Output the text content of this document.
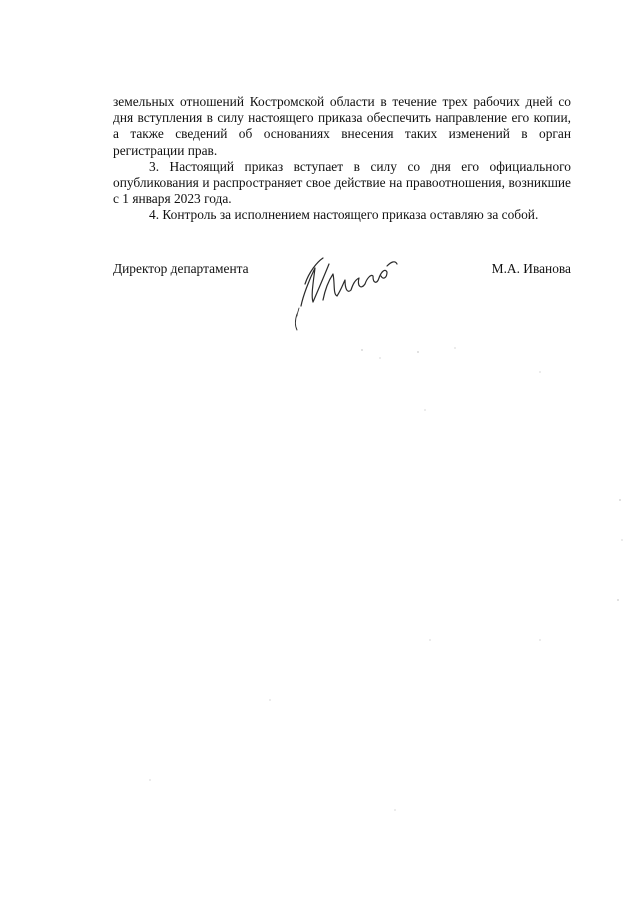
земельных отношений Костромской области в течение трех рабочих дней со дня вступления в силу настоящего приказа обеспечить направление его копии, а также сведений об основаниях внесения таких изменений в орган регистрации прав.

3. Настоящий приказ вступает в силу со дня его официального опубликования и распространяет свое действие на правоотношения, возникшие с 1 января 2023 года.

4. Контроль за исполнением настоящего приказа оставляю за собой.

Директор департамента	М.А. Иванова
